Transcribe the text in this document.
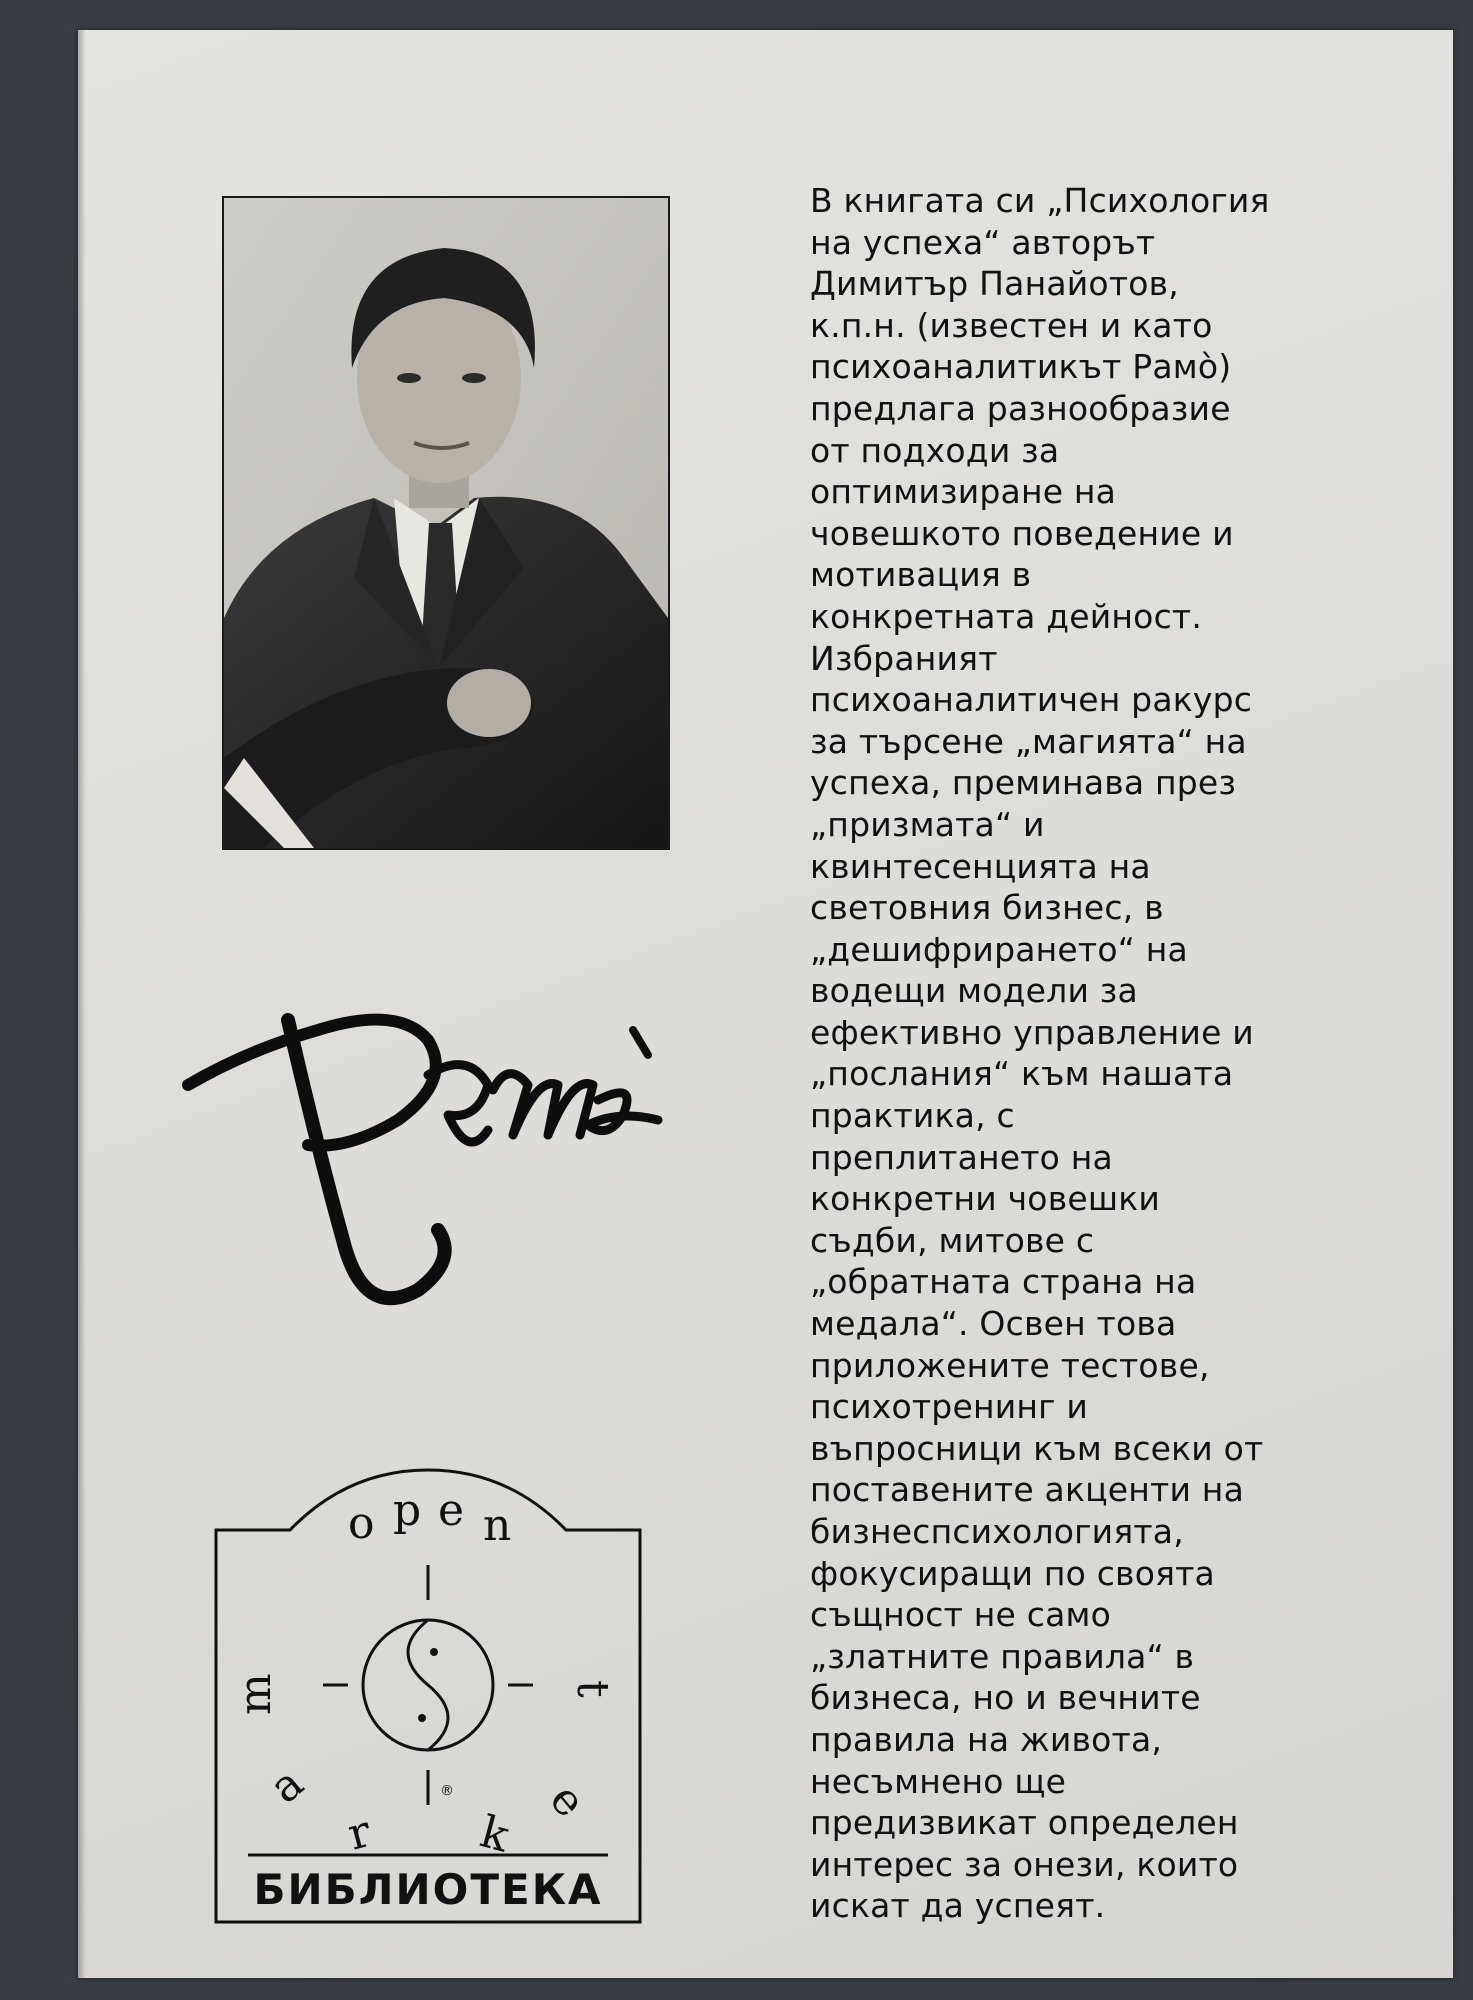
o p e n
m
a
r k
e
t
®
БИБЛИОТЕКА
В книгата си „Психология
на успеха“ авторът
Димитър Панайотов,
к.п.н. (известен и като
психоаналитикът Рамò)
предлага разнообразие
от подходи за
оптимизиране на
човешкото поведение и
мотивация в
конкретната дейност.
Избраният
психоаналитичен ракурс
за търсене „магията“ на
успеха, преминава през
„призмата“ и
квинтесенцията на
световния бизнес, в
„дешифрирането“ на
водещи модели за
ефективно управление и
„послания“ към нашата
практика, с
преплитането на
конкретни човешки
съдби, митове с
„обратната страна на
медала“. Освен това
приложените тестове,
психотренинг и
въпросници към всеки от
поставените акценти на
бизнеспсихологията,
фокусиращи по своята
същност не само
„златните правила“ в
бизнеса, но и вечните
правила на живота,
несъмнено ще
предизвикат определен
интерес за онези, които
искат да успеят.
